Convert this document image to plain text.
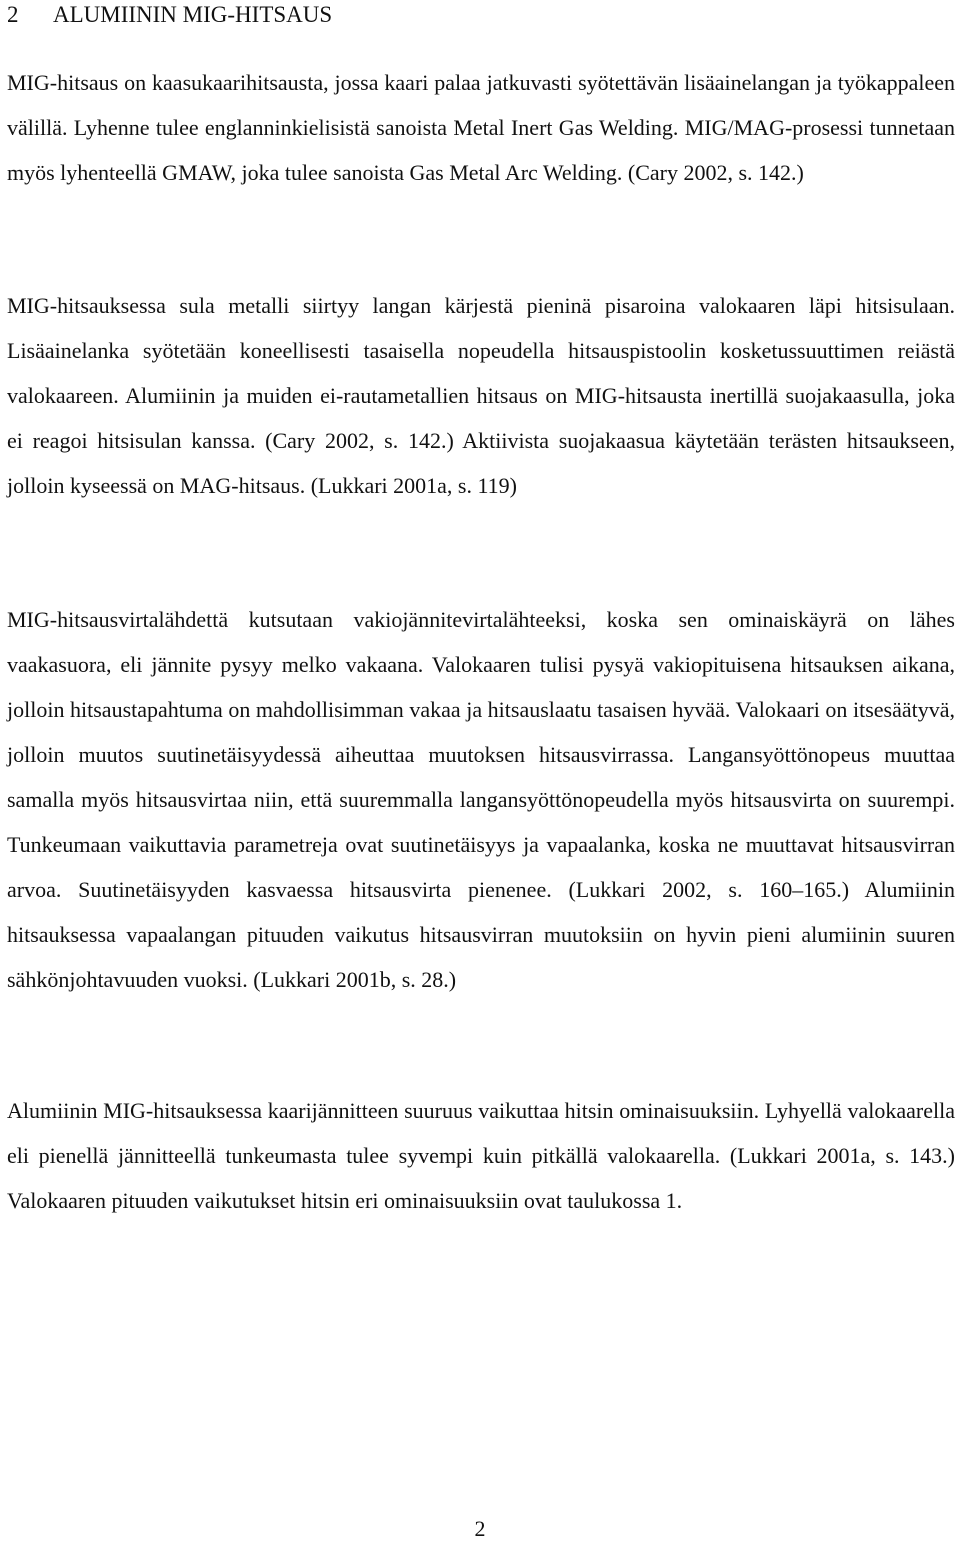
2 ALUMIININ MIG-HITSAUS

MIG-hitsaus on kaasukaarihitsausta, jossa kaari palaa jatkuvasti syötettävän lisäainelangan ja työkappaleen välillä. Lyhenne tulee englanninkielisistä sanoista Metal Inert Gas Welding. MIG/MAG-prosessi tunnetaan myös lyhenteellä GMAW, joka tulee sanoista Gas Metal Arc Welding. (Cary 2002, s. 142.)

MIG-hitsauksessa sula metalli siirtyy langan kärjestä pieninä pisaroina valokaaren läpi hitsisulaan. Lisäainelanka syötetään koneellisesti tasaisella nopeudella hitsauspistoolin kosketussuuttimen reiästä valokaareen. Alumiinin ja muiden ei-rautametallien hitsaus on MIG-hitsausta inertillä suojakaasulla, joka ei reagoi hitsisulan kanssa. (Cary 2002, s. 142.) Aktiivista suojakaasua käytetään terästen hitsaukseen, jolloin kyseessä on MAG-hitsaus. (Lukkari 2001a, s. 119)

MIG-hitsausvirtalähdettä kutsutaan vakiojännitevirtalähteeksi, koska sen ominaiskäyrä on lähes vaakasuora, eli jännite pysyy melko vakaana. Valokaaren tulisi pysyä vakiopituisena hitsauksen aikana, jolloin hitsaustapahtuma on mahdollisimman vakaa ja hitsauslaatu tasaisen hyvää. Valokaari on itsesäätyvä, jolloin muutos suutinetäisyydessä aiheuttaa muutoksen hitsausvirrassa. Langansyöttönopeus muuttaa samalla myös hitsausvirtaa niin, että suuremmalla langansyöttönopeudella myös hitsausvirta on suurempi. Tunkeumaan vaikuttavia parametreja ovat suutinetäisyys ja vapaalanka, koska ne muuttavat hitsausvirran arvoa. Suutinetäisyyden kasvaessa hitsausvirta pienenee. (Lukkari 2002, s. 160–165.) Alumiinin hitsauksessa vapaalangan pituuden vaikutus hitsausvirran muutoksiin on hyvin pieni alumiinin suuren sähkönjohtavuuden vuoksi. (Lukkari 2001b, s. 28.)

Alumiinin MIG-hitsauksessa kaarijännitteen suuruus vaikuttaa hitsin ominaisuuksiin. Lyhyellä valokaarella eli pienellä jännitteellä tunkeumasta tulee syvempi kuin pitkällä valokaarella. (Lukkari 2001a, s. 143.) Valokaaren pituuden vaikutukset hitsin eri ominaisuuksiin ovat taulukossa 1.

2
